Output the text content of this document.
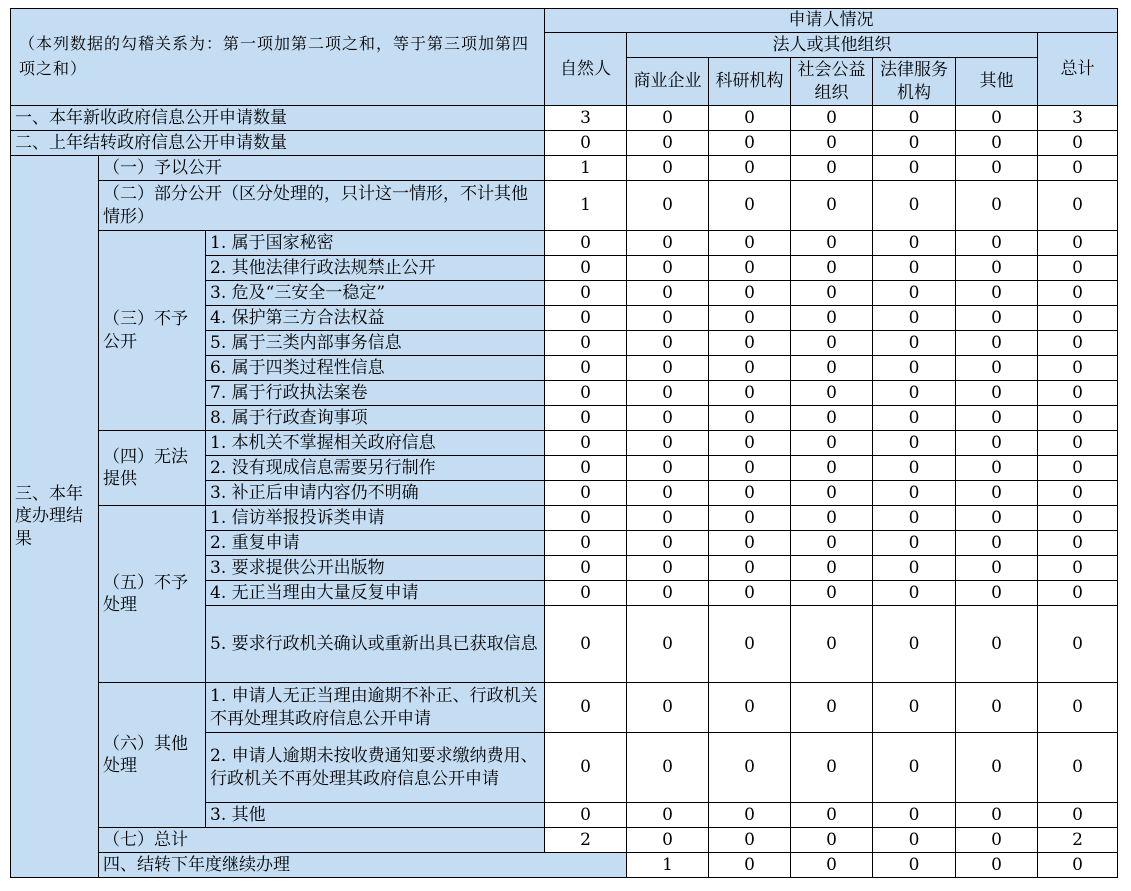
（本列数据的勾稽关系为：第一项加第二项之和，等于第三项加第四项之和）			申请人情况							
			自然人	法人或其他组织					总计	
				商业企业	科研机构	社会公益组织	法律服务机构	其他		
一、本年新收政府信息公开申请数量			3	0	0	0	0	0	3	
二、上年结转政府信息公开申请数量			0	0	0	0	0	0	0	
三、本年度办理结果	（一）予以公开		1	0	0	0	0	0	0	
	（二）部分公开（区分处理的，只计这一情形，不计其他情形）		1	0	0	0	0	0	0	
	（三）不予公开	1. 属于国家秘密	0	0	0	0	0	0	0	
		2. 其他法律行政法规禁止公开	0	0	0	0	0	0	0	
		3. 危及“三安全一稳定”	0	0	0	0	0	0	0	
		4. 保护第三方合法权益	0	0	0	0	0	0	0	
		5. 属于三类内部事务信息	0	0	0	0	0	0	0	
		6. 属于四类过程性信息	0	0	0	0	0	0	0	
		7. 属于行政执法案卷	0	0	0	0	0	0	0	
		8. 属于行政查询事项	0	0	0	0	0	0	0	
	（四）无法提供	1. 本机关不掌握相关政府信息	0	0	0	0	0	0	0	
		2. 没有现成信息需要另行制作	0	0	0	0	0	0	0	
		3. 补正后申请内容仍不明确	0	0	0	0	0	0	0	
	（五）不予处理	1. 信访举报投诉类申请	0	0	0	0	0	0	0	
		2. 重复申请	0	0	0	0	0	0	0	
		3. 要求提供公开出版物	0	0	0	0	0	0	0	
		4. 无正当理由大量反复申请	0	0	0	0	0	0	0	
		5. 要求行政机关确认或重新出具已获取信息	0	0	0	0	0	0	0	
	（六）其他处理	1. 申请人无正当理由逾期不补正、行政机关不再处理其政府信息公开申请	0	0	0	0	0	0	0	
		2. 申请人逾期未按收费通知要求缴纳费用、行政机关不再处理其政府信息公开申请	0	0	0	0	0	0	0	
		3. 其他	0	0	0	0	0	0	0	
	（七）总计		2	0	0	0	0	0	2	
	四、结转下年度继续办理			1	0	0	0	0	0	
